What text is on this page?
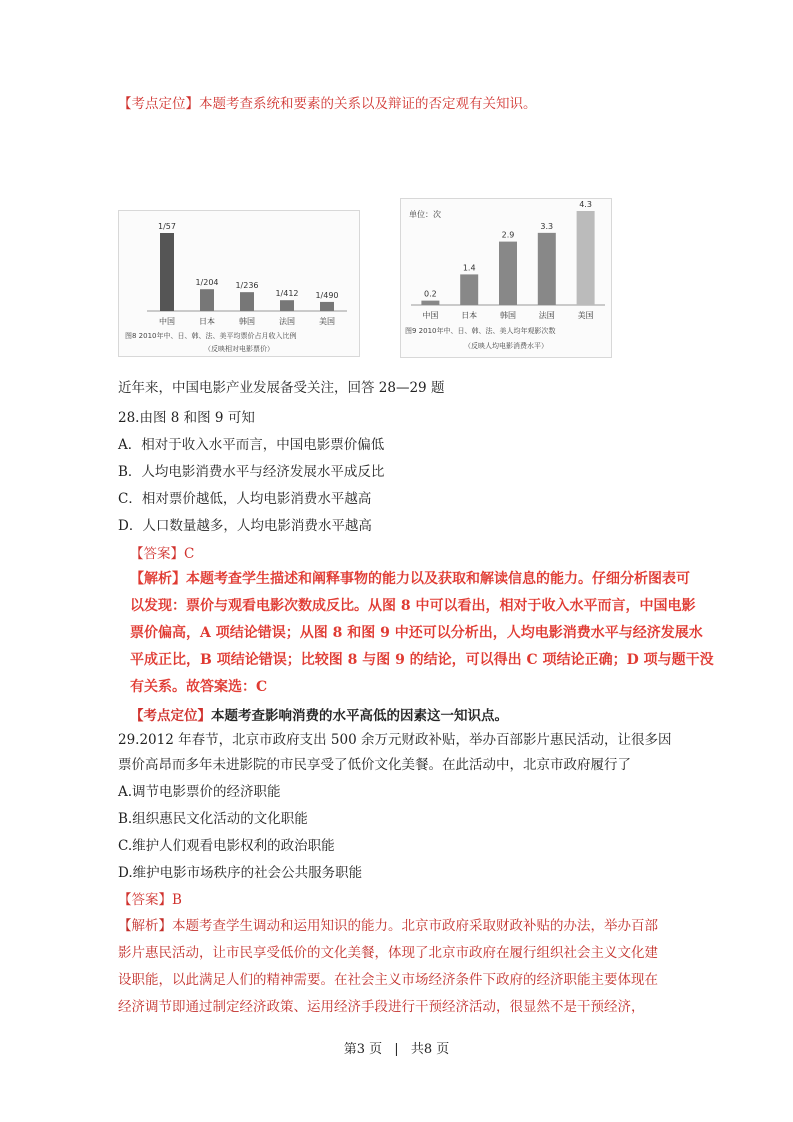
【考点定位】本题考查系统和要素的关系以及辩证的否定观有关知识。
1/57
中国
1/204
日本
1/236
韩国
1/412
法国
1/490
美国
图8 2010年中、日、韩、法、美平均票价占月收入比例
（反映相对电影票价）
单位：次
0.2
中国
1.4
日本
2.9
韩国
3.3
法国
4.3
美国
图9 2010年中、日、韩、法、美人均年观影次数
（反映人均电影消费水平）
近年来，中国电影产业发展备受关注，回答 28—29 题
28.由图 8 和图 9 可知
A．相对于收入水平而言，中国电影票价偏低
B．人均电影消费水平与经济发展水平成反比
C．相对票价越低，人均电影消费水平越高
D．人口数量越多，人均电影消费水平越高
【答案】C
【解析】本题考查学生描述和阐释事物的能力以及获取和解读信息的能力。仔细分析图表可
以发现：票价与观看电影次数成反比。从图 8 中可以看出，相对于收入水平而言，中国电影
票价偏高，A 项结论错误；从图 8 和图 9 中还可以分析出，人均电影消费水平与经济发展水
平成正比，B 项结论错误；比较图 8 与图 9 的结论，可以得出 C 项结论正确；D 项与题干没
有关系。故答案选：C
【考点定位】本题考查影响消费的水平高低的因素这一知识点。
29.2012 年春节，北京市政府支出 500 余万元财政补贴，举办百部影片惠民活动，让很多因
票价高昂而多年未进影院的市民享受了低价文化美餐。在此活动中，北京市政府履行了
A.调节电影票价的经济职能
B.组织惠民文化活动的文化职能
C.维护人们观看电影权利的政治职能
D.维护电影市场秩序的社会公共服务职能
【答案】B
【解析】本题考查学生调动和运用知识的能力。北京市政府采取财政补贴的办法，举办百部
影片惠民活动，让市民享受低价的文化美餐，体现了北京市政府在履行组织社会主义文化建
设职能，以此满足人们的精神需要。在社会主义市场经济条件下政府的经济职能主要体现在
经济调节即通过制定经济政策、运用经济手段进行干预经济活动，很显然不是干预经济，
第3 页 | 共8 页
